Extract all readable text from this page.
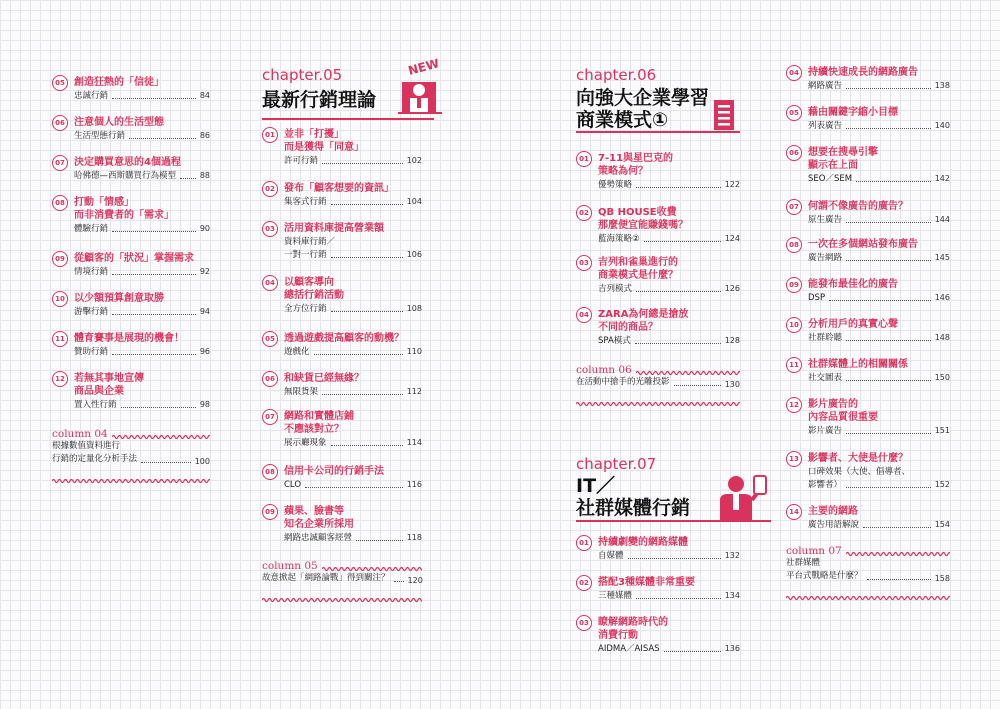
05 創造狂熱的「信徒」
忠誠行銷	84
06 注意個人的生活型態
生活型態行銷	86
07 決定購買意思的4個過程
哈佛德—西斯購買行為模型	88
08 打動「情感」
而非消費者的「需求」
體驗行銷	90
09 從顧客的「狀況」掌握需求
情境行銷	92
10 以少額預算創意取勝
游擊行銷	94
11 體育賽事是展現的機會！
贊助行銷	96
12 若無其事地宣傳
商品與企業
置入性行銷	98
column 04
根據數值資料進行
行銷的定量化分析手法	100
chapter.05
最新行銷理論
NEW
01 並非「打擾」
而是獲得「同意」
許可行銷	102
02 發布「顧客想要的資訊」
集客式行銷	104
03 活用資料庫提高營業額
資料庫行銷／
一對一行銷	106
04 以顧客導向
總括行銷活動
全方位行銷	108
05 透過遊戲提高顧客的動機？
遊戲化	110
06 和缺貨已經無緣？
無限貨架	112
07 網路和實體店鋪
不應該對立？
展示廳現象	114
08 信用卡公司的行銷手法
CLO	116
09 蘋果、臉書等
知名企業所採用
網路忠誠顧客經營	118
column 05
故意掀起「網路論戰」得到關注？ 120
chapter.06
向強大企業學習
商業模式①
chapter.07
IT／
社群媒體行銷
01 7-11與星巴克的
策略為何？
優勢策略	122
02 QB HOUSE收費
那麼便宜能賺錢嗎？
藍海策略②	124
03 吉列和雀巢進行的
商業模式是什麼？
吉列模式	126
04 ZARA為何總是搶放
不同的商品？
SPA模式	128
column 06
在活動中搶手的光雕投影	130
01 持續劇變的網路媒體
自媒體	132
02 搭配3種媒體非常重要
三種媒體	134
03 瞭解網路時代的
消費行動
AIDMA／AISAS	136
04 持續快速成長的網路廣告
網路廣告	138
05 藉由關鍵字縮小目標
列表廣告	140
06 想要在搜尋引擎
顯示在上面
SEO／SEM	142
07 何謂不像廣告的廣告？
原生廣告	144
08 一次在多個網站發布廣告
廣告網路	145
09 能發布最佳化的廣告
DSP	146
10 分析用戶的真實心聲
社群聆聽	148
11 社群媒體上的相關關係
社交圖表	150
12 影片廣告的
內容品質很重要
影片廣告	151
13 影響者、大使是什麼？
口碑效果（大使、倡導者、
影響者）	152
14 主要的網路
廣告用語解說	154
column 07
社群媒體
平台式戰略是什麼？	158
